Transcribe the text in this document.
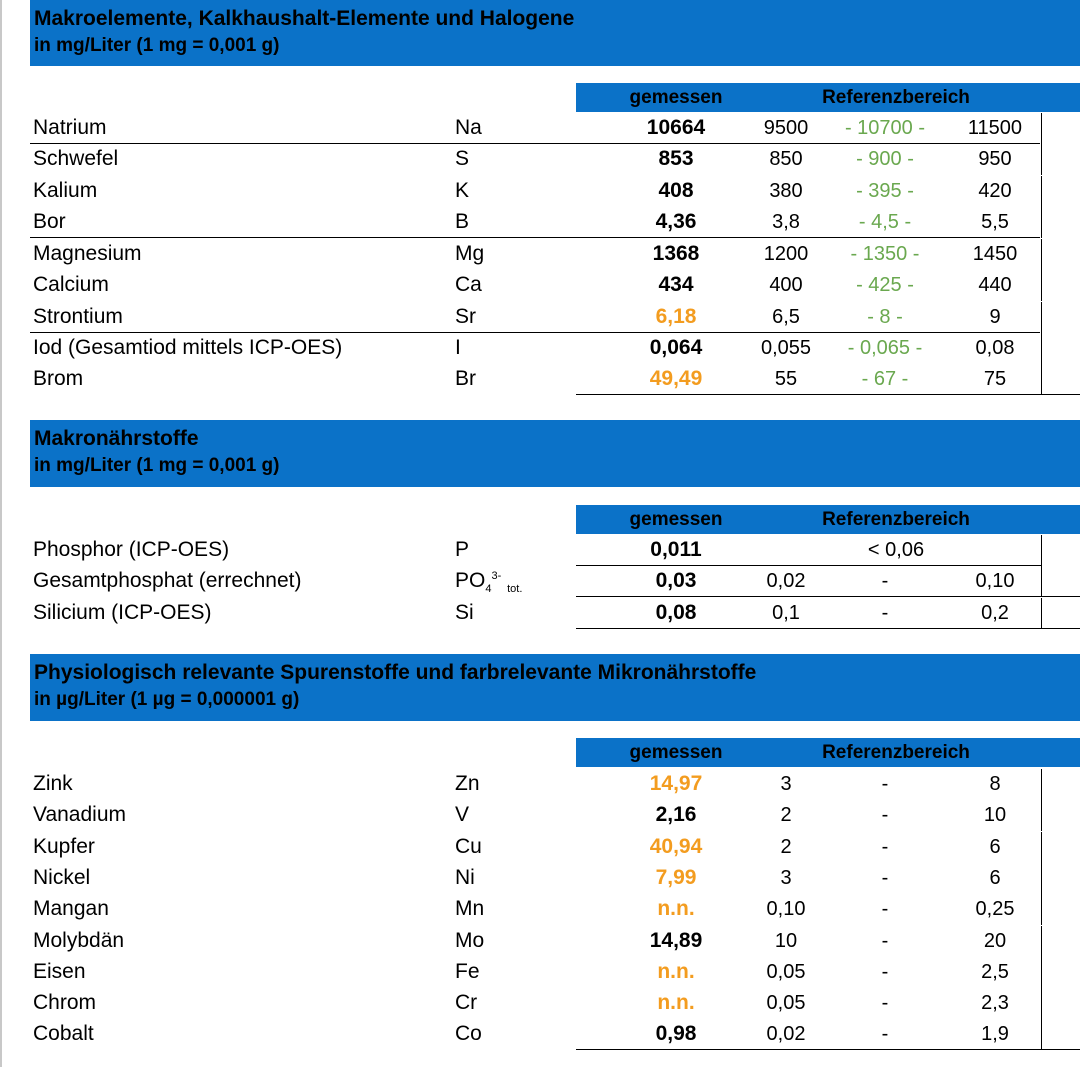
Makroelemente, Kalkhaushalt-Elemente und Halogene
in mg/Liter (1 mg = 0,001 g)
gemessen	Referenzbereich
Natrium	Na	10664	9500	- 10700 -	11500
Schwefel	S	853	850	- 900 -	950
Kalium	K	408	380	- 395 -	420
Bor	B	4,36	3,8	- 4,5 -	5,5
Magnesium	Mg	1368	1200	- 1350 -	1450
Calcium	Ca	434	400	- 425 -	440
Strontium	Sr	6,18	6,5	- 8 -	9
Iod (Gesamtiod mittels ICP-OES)	I	0,064	0,055	- 0,065 -	0,08
Brom	Br	49,49	55	- 67 -	75
Makronährstoffe
in mg/Liter (1 mg = 0,001 g)
gemessen	Referenzbereich
Phosphor (ICP-OES)	P	0,011	< 0,06
Gesamtphosphat (errechnet)	$PO_4^{3-}$ $_{tot.}$	0,03	0,02	-	0,10
Silicium (ICP-OES)	Si	0,08	0,1	-	0,2
Physiologisch relevante Spurenstoffe und farbrelevante Mikronährstoffe
in µg/Liter (1 µg = 0,000001 g)
gemessen	Referenzbereich
Zink	Zn	14,97	3	-	8
Vanadium	V	2,16	2	-	10
Kupfer	Cu	40,94	2	-	6
Nickel	Ni	7,99	3	-	6
Mangan	Mn	n.n.	0,10	-	0,25
Molybdän	Mo	14,89	10	-	20
Eisen	Fe	n.n.	0,05	-	2,5
Chrom	Cr	n.n.	0,05	-	2,3
Cobalt	Co	0,98	0,02	-	1,9
